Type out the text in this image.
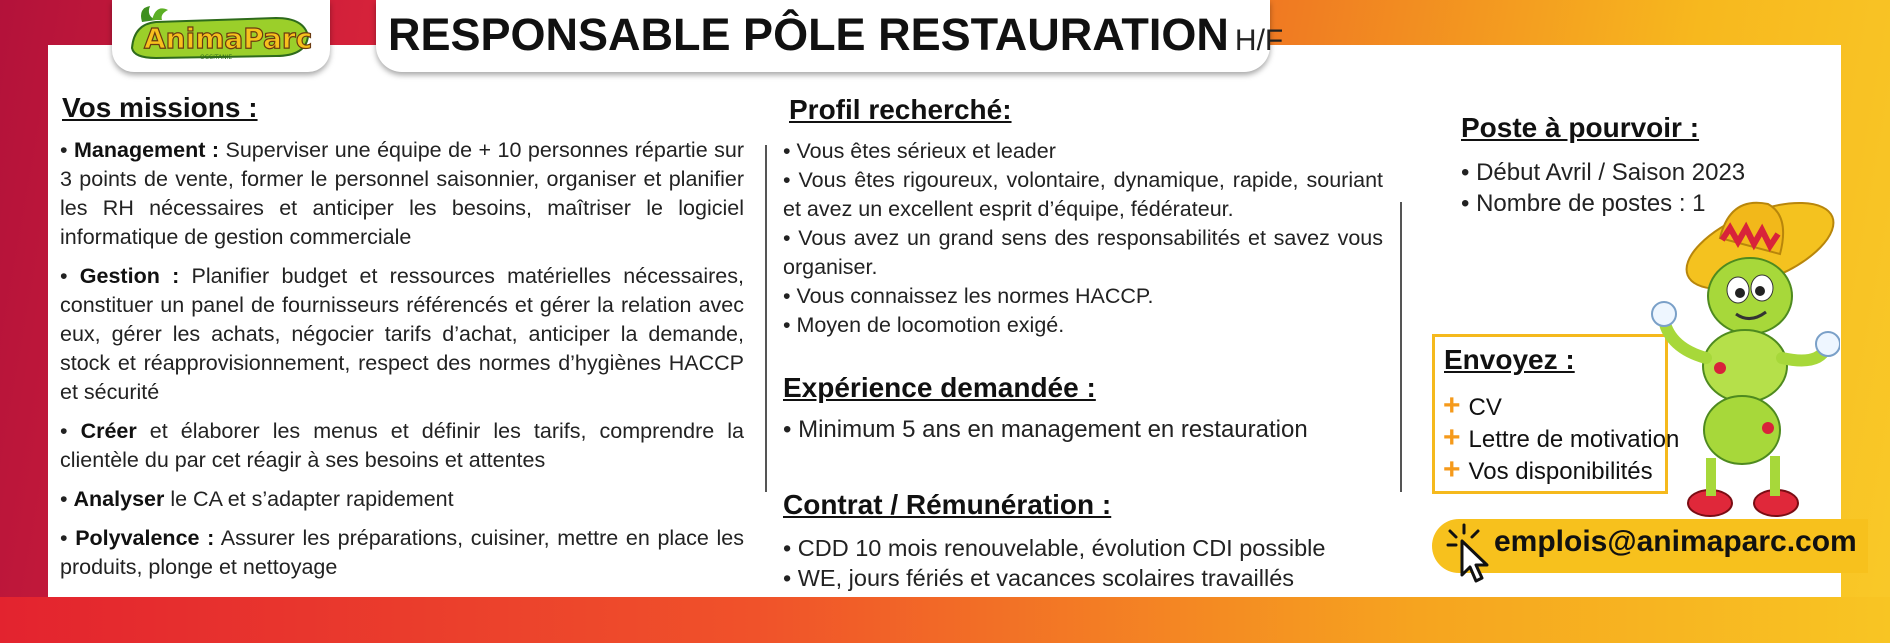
AnimaParc
OCCITANIE	RESPONSABLE PÔLE RESTAURATION H/F
Vos missions :

• Management : Superviser une équipe de + 10 personnes répartie sur 3 points de vente, former le personnel saisonnier, organiser et planifier les RH nécessaires et anticiper les besoins, maîtriser le logiciel informatique de gestion commerciale

• Gestion : Planifier budget et ressources matérielles nécessaires, constituer un panel de fournisseurs référencés et gérer la relation avec eux, gérer les achats, négocier tarifs d’achat, anticiper la demande, stock et réapprovisionnement, respect des normes d’hygiènes HACCP et sécurité

• Créer et élaborer les menus et définir les tarifs, comprendre la clientèle du par cet réagir à ses besoins et attentes

• Analyser le CA et s’adapter rapidement

• Polyvalence : Assurer les préparations, cuisiner, mettre en place les produits, plonge et nettoyage

Profil recherché:

• Vous êtes sérieux et leader

• Vous êtes rigoureux, volontaire, dynamique, rapide, souriant et avez un excellent esprit d’équipe, fédérateur.

• Vous avez un grand sens des responsabilités et savez vous organiser.

• Vous connaissez les normes HACCP.

• Moyen de locomotion exigé.

Expérience demandée :

• Minimum 5 ans en management en restauration

Contrat / Rémunération :

• CDD 10 mois renouvelable, évolution CDI possible

• WE, jours fériés et vacances scolaires travaillés

Poste à pourvoir :

• Début Avril / Saison 2023

• Nombre de postes : 1

Envoyez :
+ CV
+ Lettre de motivation
+ Vos disponibilités
emplois@animaparc.com
